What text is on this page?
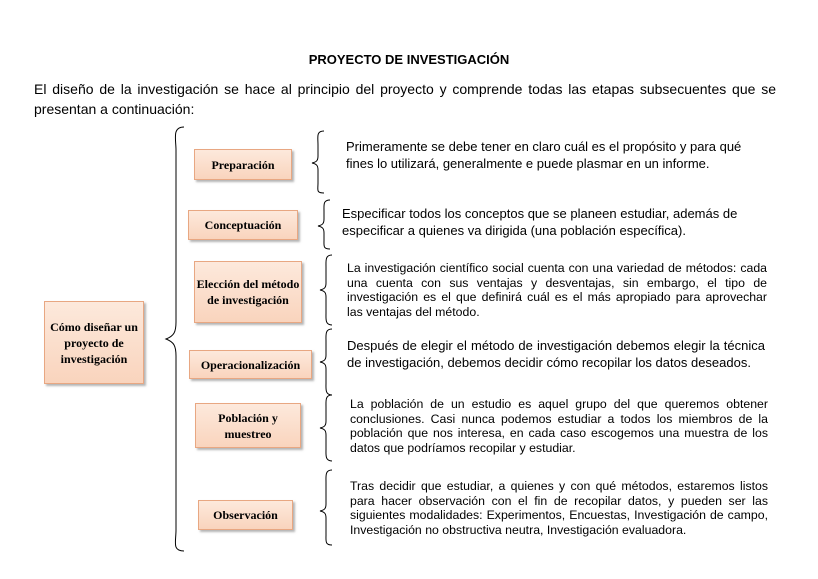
PROYECTO DE INVESTIGACIÓN
El diseño de la investigación se hace al principio del proyecto y comprende todas las etapas subsecuentes que se presentan a continuación:
Cómo diseñar un proyecto de investigación
Preparación
Conceptuación
Elección del método de investigación
Operacionalización
Población y muestreo
Observación
Primeramente se debe tener en claro cuál es el propósito y para qué fines lo utilizará, generalmente e puede plasmar en un informe.
Especificar todos los conceptos que se planeen estudiar, además de especificar a quienes va dirigida (una población específica).
La investigación científico social cuenta con una variedad de métodos: cada una cuenta con sus ventajas y desventajas, sin embargo, el tipo de investigación es el que definirá cuál es el más apropiado para aprovechar las ventajas del método.
Después de elegir el método de investigación debemos elegir la técnica de investigación, debemos decidir cómo recopilar los datos deseados.
La población de un estudio es aquel grupo del que queremos obtener conclusiones. Casi nunca podemos estudiar a todos los miembros de la población que nos interesa, en cada caso escogemos una muestra de los datos que podríamos recopilar y estudiar.
Tras decidir que estudiar, a quienes y con qué métodos, estaremos listos para hacer observación con el fin de recopilar datos, y pueden ser las siguientes modalidades: Experimentos, Encuestas, Investigación de campo, Investigación no obstructiva neutra, Investigación evaluadora.
